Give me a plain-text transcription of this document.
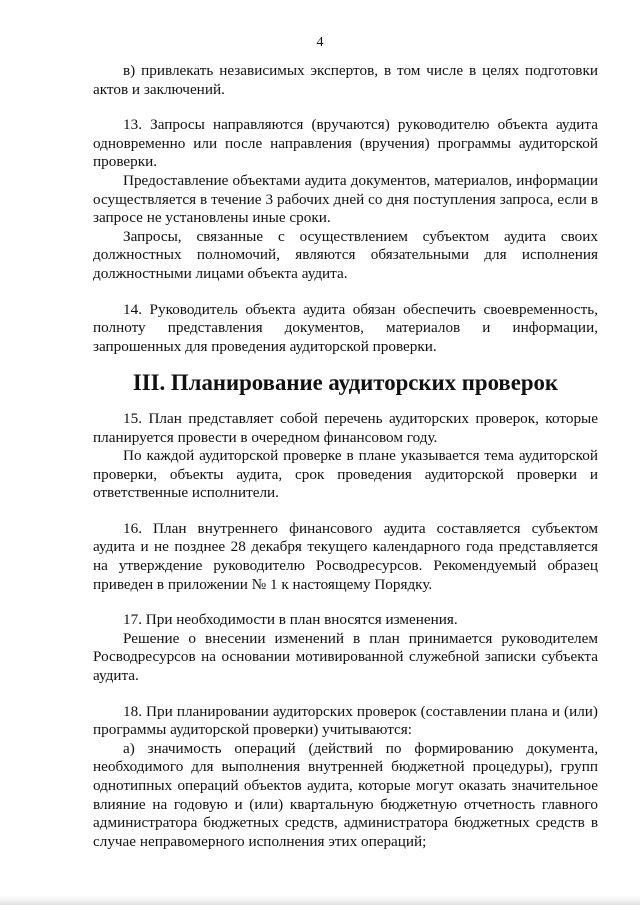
4

в) привлекать независимых экспертов, в том числе в целях подготовки актов и заключений.

13. Запросы направляются (вручаются) руководителю объекта аудита одновременно или после направления (вручения) программы аудиторской проверки.

Предоставление объектами аудита документов, материалов, информации осуществляется в течение 3 рабочих дней со дня поступления запроса, если в запросе не установлены иные сроки.

Запросы, связанные с осуществлением субъектом аудита своих должностных полномочий, являются обязательными для исполнения должностными лицами объекта аудита.

14. Руководитель объекта аудита обязан обеспечить своевременность, полноту представления документов, материалов и информации, запрошенных для проведения аудиторской проверки.

III. Планирование аудиторских проверок

15. План представляет собой перечень аудиторских проверок, которые планируется провести в очередном финансовом году.

По каждой аудиторской проверке в плане указывается тема аудиторской проверки, объекты аудита, срок проведения аудиторской проверки и ответственные исполнители.

16. План внутреннего финансового аудита составляется субъектом аудита и не позднее 28 декабря текущего календарного года представляется на утверждение руководителю Росводресурсов. Рекомендуемый образец приведен в приложении № 1 к настоящему Порядку.

17. При необходимости в план вносятся изменения.

Решение о внесении изменений в план принимается руководителем Росводресурсов на основании мотивированной служебной записки субъекта аудита.

18. При планировании аудиторских проверок (составлении плана и (или) программы аудиторской проверки) учитываются:

а) значимость операций (действий по формированию документа, необходимого для выполнения внутренней бюджетной процедуры), групп однотипных операций объектов аудита, которые могут оказать значительное влияние на годовую и (или) квартальную бюджетную отчетность главного администратора бюджетных средств, администратора бюджетных средств в случае неправомерного исполнения этих операций;
